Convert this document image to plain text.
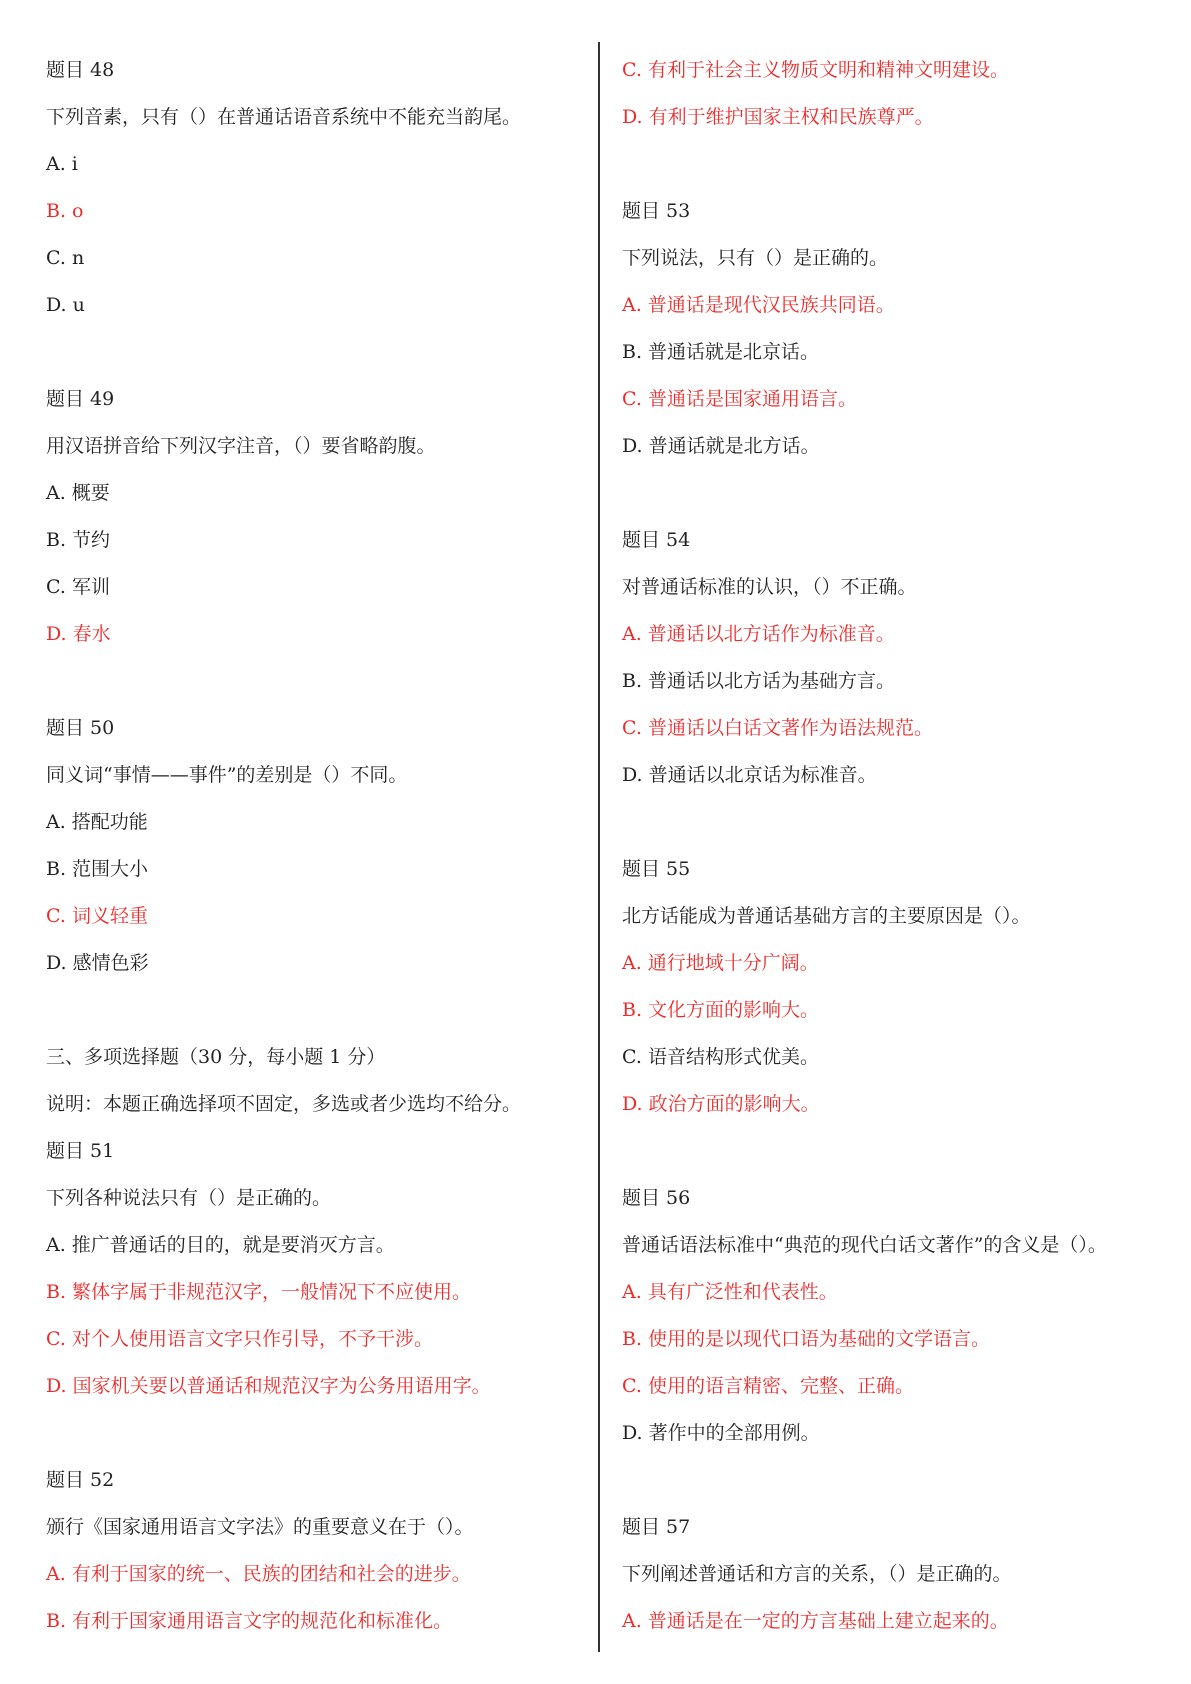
题目 48
下列音素，只有（）在普通话语音系统中不能充当韵尾。
A. i
B. o
C. n
D. u
题目 49
用汉语拼音给下列汉字注音，（）要省略韵腹。
A. 概要
B. 节约
C. 军训
D. 春水
题目 50
同义词“事情——事件”的差别是（）不同。
A. 搭配功能
B. 范围大小
C. 词义轻重
D. 感情色彩
三、多项选择题（30 分，每小题 1 分）
说明：本题正确选择项不固定，多选或者少选均不给分。
题目 51
下列各种说法只有（）是正确的。
A. 推广普通话的目的，就是要消灭方言。
B. 繁体字属于非规范汉字，一般情况下不应使用。
C. 对个人使用语言文字只作引导，不予干涉。
D. 国家机关要以普通话和规范汉字为公务用语用字。
题目 52
颁行《国家通用语言文字法》的重要意义在于（）。
A. 有利于国家的统一、民族的团结和社会的进步。
B. 有利于国家通用语言文字的规范化和标准化。
C. 有利于社会主义物质文明和精神文明建设。
D. 有利于维护国家主权和民族尊严。
题目 53
下列说法，只有（）是正确的。
A. 普通话是现代汉民族共同语。
B. 普通话就是北京话。
C. 普通话是国家通用语言。
D. 普通话就是北方话。
题目 54
对普通话标准的认识，（）不正确。
A. 普通话以北方话作为标准音。
B. 普通话以北方话为基础方言。
C. 普通话以白话文著作为语法规范。
D. 普通话以北京话为标准音。
题目 55
北方话能成为普通话基础方言的主要原因是（）。
A. 通行地域十分广阔。
B. 文化方面的影响大。
C. 语音结构形式优美。
D. 政治方面的影响大。
题目 56
普通话语法标准中“典范的现代白话文著作”的含义是（）。
A. 具有广泛性和代表性。
B. 使用的是以现代口语为基础的文学语言。
C. 使用的语言精密、完整、正确。
D. 著作中的全部用例。
题目 57
下列阐述普通话和方言的关系，（）是正确的。
A. 普通话是在一定的方言基础上建立起来的。
